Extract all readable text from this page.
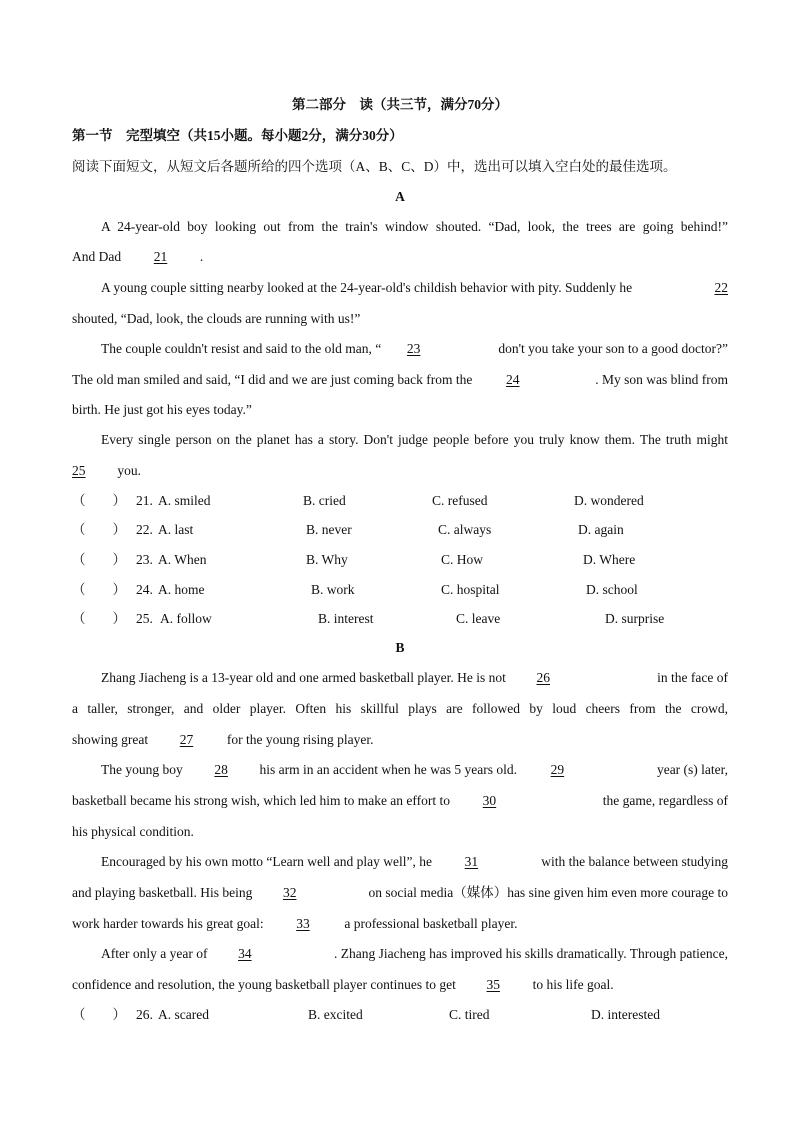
第二部分　读（共三节，满分70分）
第一节　完型填空（共15小题。每小题2分，满分30分）
阅读下面短文，从短文后各题所给的四个选项（A、B、C、D）中，选出可以填入空白处的最佳选项。
A
A 24-year-old boy looking out from the train's window shouted. “Dad, look, the trees are going behind!”
And Dad 21 .
A young couple sitting nearby looked at the 24-year-old's childish behavior with pity. Suddenly he	22
shouted, “Dad, look, the clouds are running with us!”
The couple couldn't resist and said to the old man, “ 23	don't you take your son to a good doctor?”
The old man smiled and said, “I did and we are just coming back from the 24	. My son was blind from
birth. He just got his eyes today.”
Every single person on the planet has a story. Don't judge people before you truly know them. The truth might
25 you.
（　　） 21. A. smiled	B. cried	C. refused	D. wondered
（　　） 22. A. last	B. never	C. always	D. again
（　　） 23. A. When	B. Why	C. How	D. Where
（　　） 24. A. home	B. work	C. hospital	D. school
（　　） 25. A. follow	B. interest	C. leave	D. surprise
B
Zhang Jiacheng is a 13-year old and one armed basketball player. He is not 26	in the face of
a taller, stronger, and older player. Often his skillful plays are followed by loud cheers from the crowd,
showing great 27 for the young rising player.
The young boy 28 his arm in an accident when he was 5 years old. 29	year (s) later,
basketball became his strong wish, which led him to make an effort to 30	the game, regardless of
his physical condition.
Encouraged by his own motto “Learn well and play well”, he 31	with the balance between studying
and playing basketball. His being 32	on social media（媒体）has sine given him even more courage to
work harder towards his great goal: 33	a professional basketball player.
After only a year of 34	. Zhang Jiacheng has improved his skills dramatically. Through patience,
confidence and resolution, the young basketball player continues to get 35 to his life goal.
（　　） 26. A. scared	B. excited	C. tired	D. interested
